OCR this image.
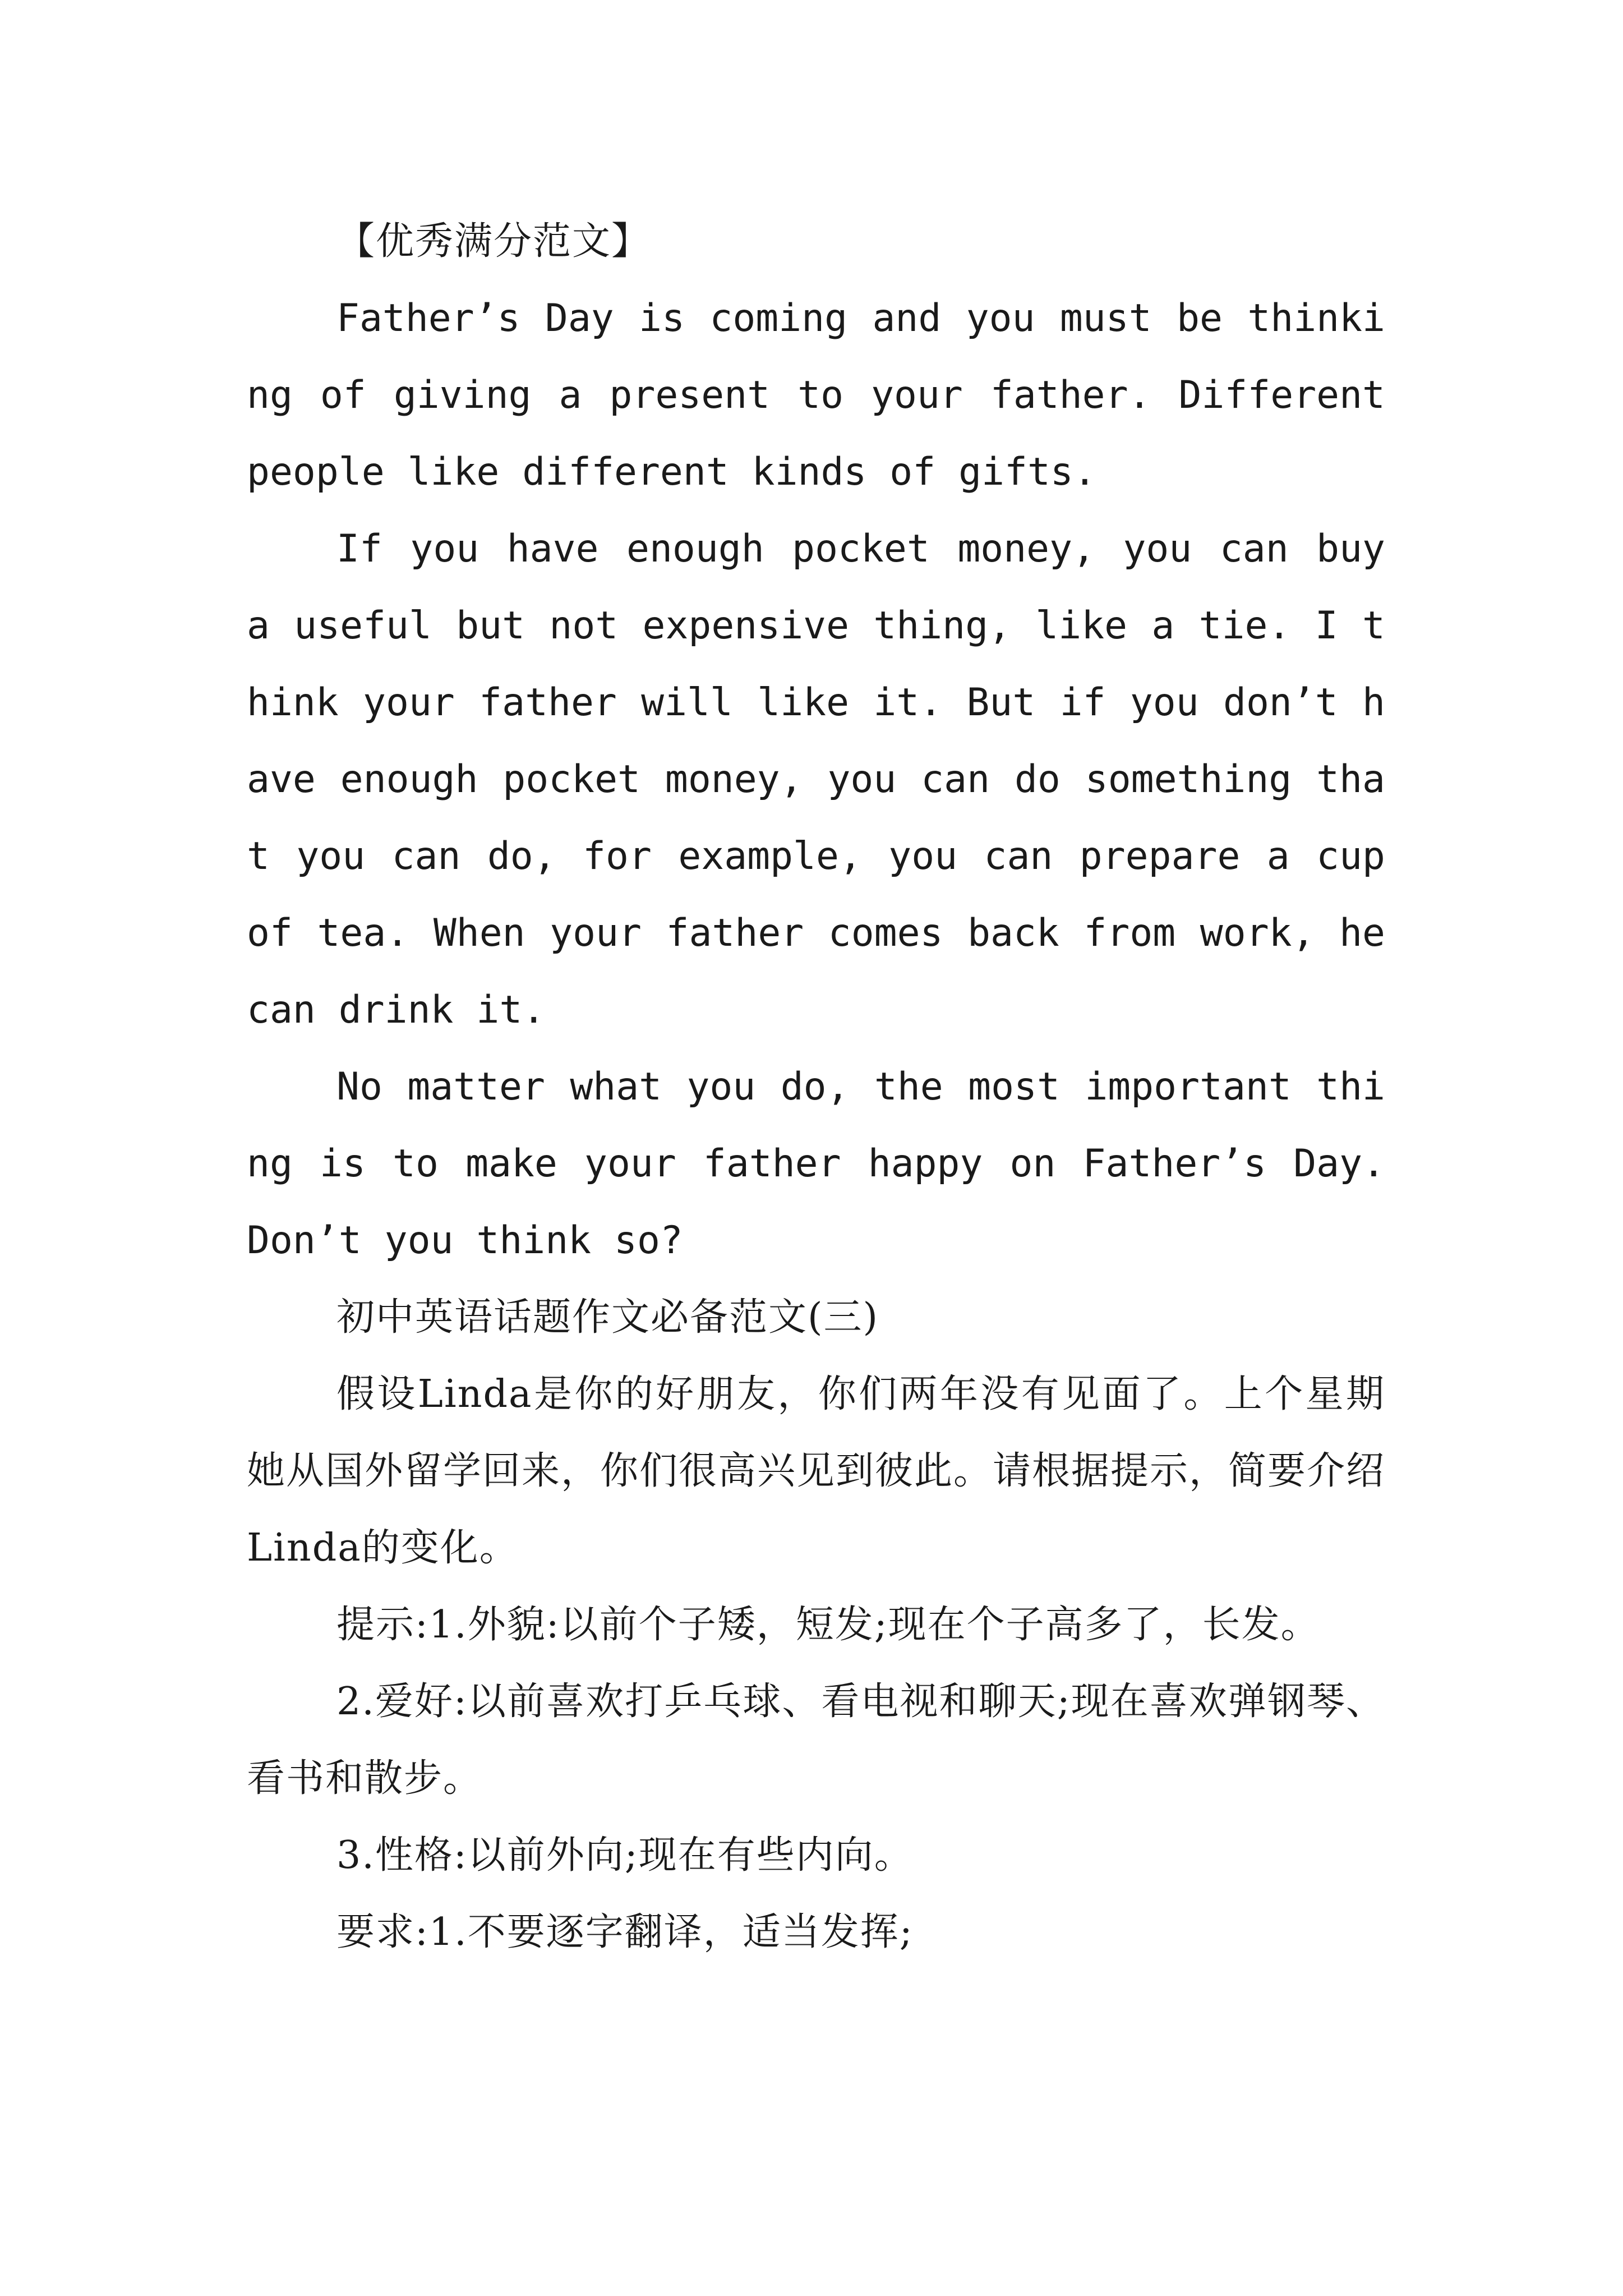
【优秀满分范文】

Father’s Day is coming and you must be thinking of giving a present to your father. Different people like different kinds of gifts.

If you have enough pocket money, you can buy a useful but not expensive thing, like a tie. I think your father will like it. But if you don’t have enough pocket money, you can do something that you can do, for example, you can prepare a cup of tea. When your father comes back from work, he can drink it.

No matter what you do, the most important thing is to make your father happy on Father’s Day. Don’t you think so?

初中英语话题作文必备范文(三)

假设Linda是你的好朋友，你们两年没有见面了。上个星期她从国外留学回来，你们很高兴见到彼此。请根据提示，简要介绍Linda的变化。

提示:1.外貌:以前个子矮，短发;现在个子高多了，长发。

2.爱好:以前喜欢打乒乓球、看电视和聊天;现在喜欢弹钢琴、看书和散步。

3.性格:以前外向;现在有些内向。

要求:1.不要逐字翻译，适当发挥;
